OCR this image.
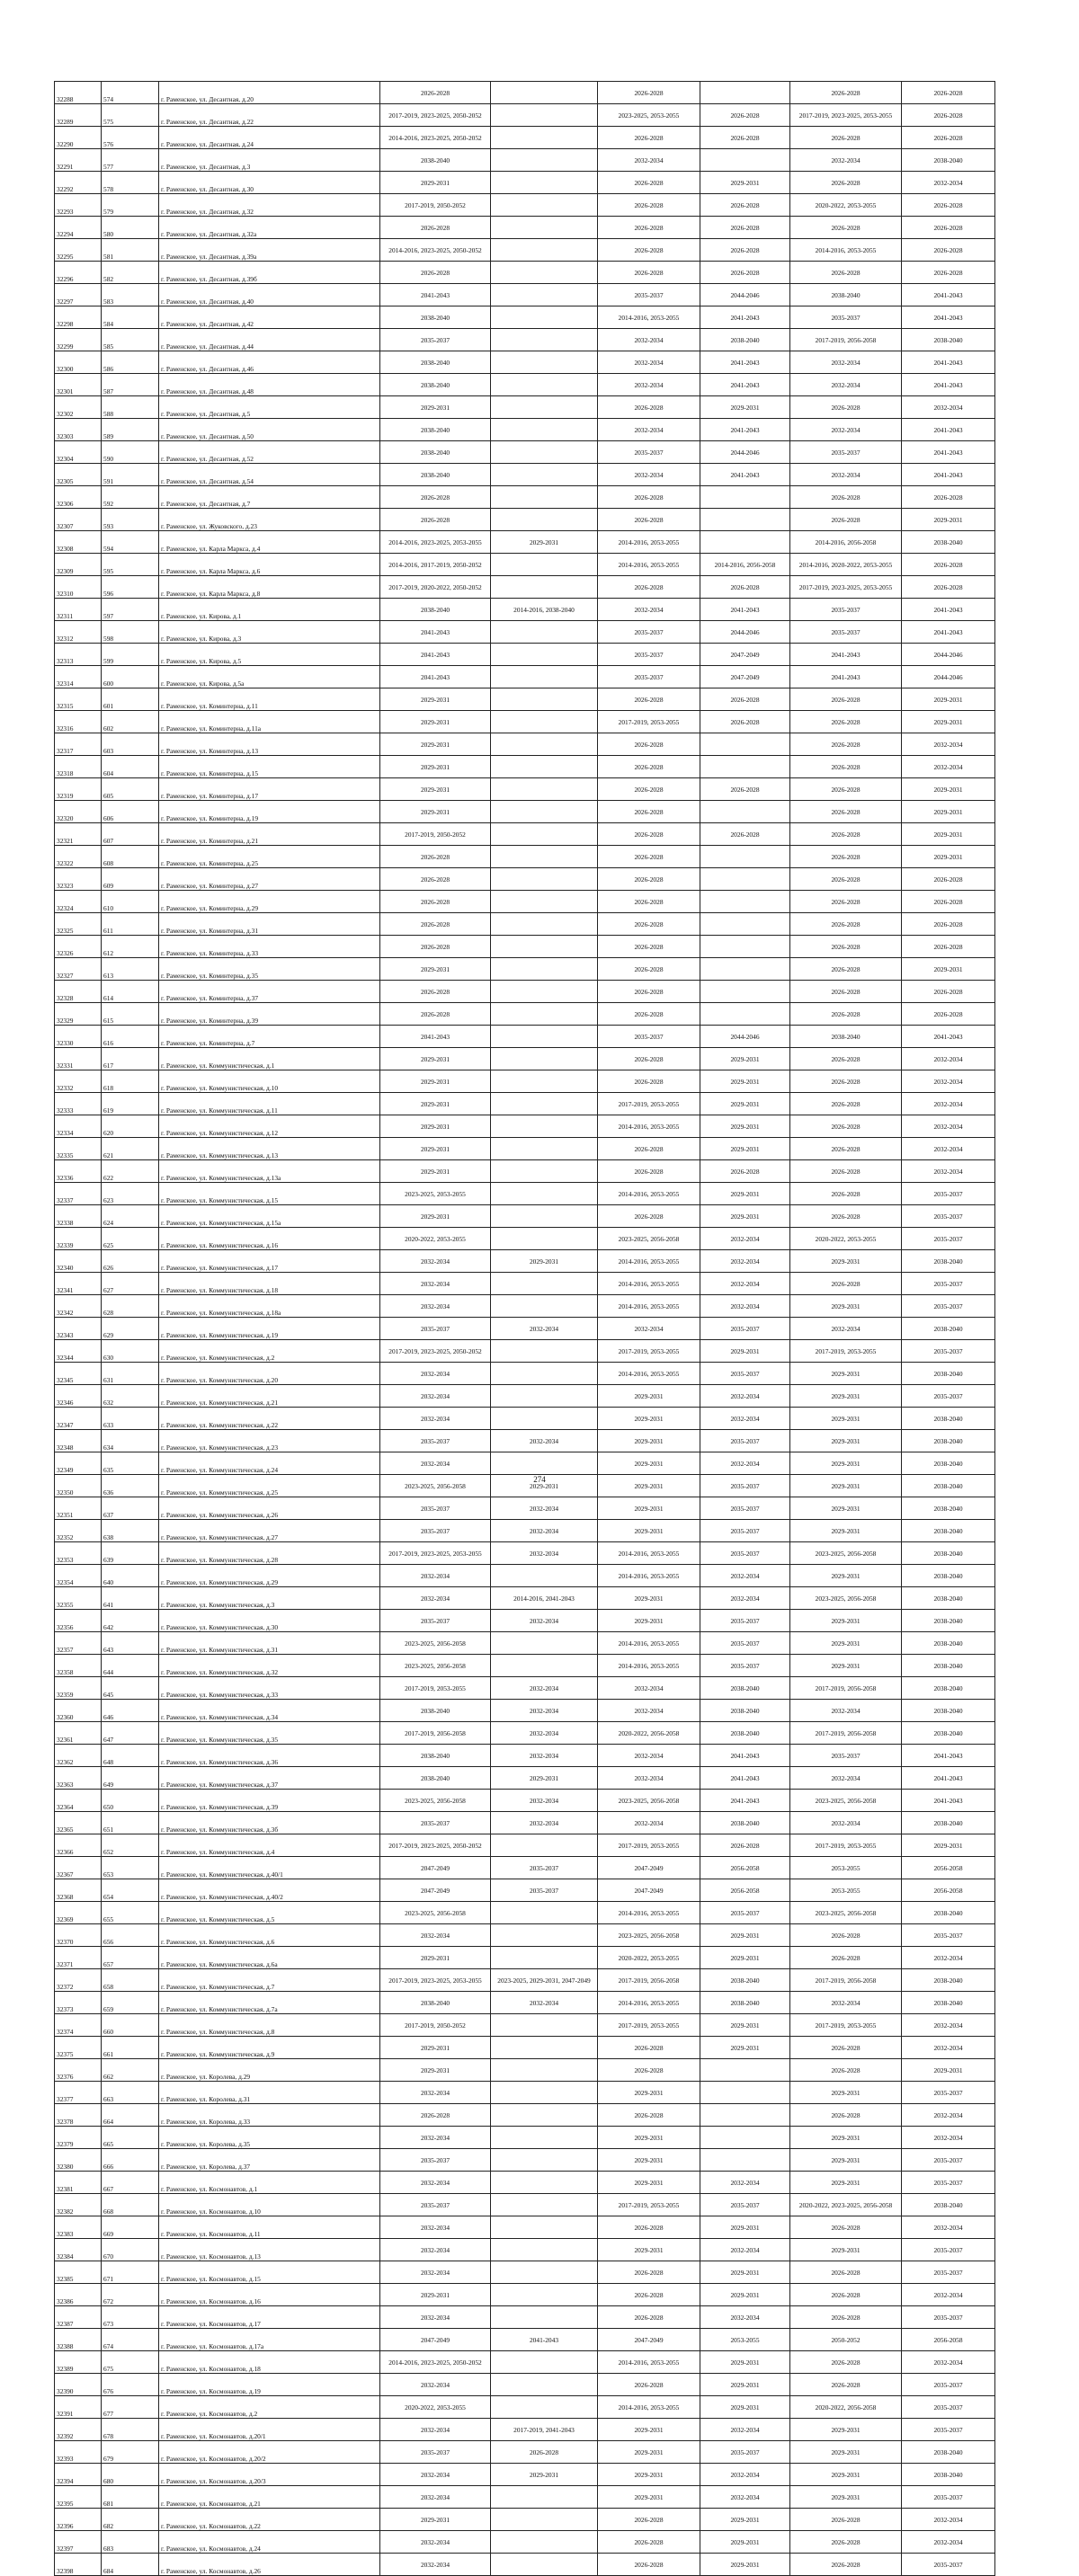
32288	574	г. Раменское, ул. Десантная, д.20	2026-2028		2026-2028		2026-2028	2026-2028
32289	575	г. Раменское, ул. Десантная, д.22	2017-2019, 2023-2025, 2050-2052		2023-2025, 2053-2055	2026-2028	2017-2019, 2023-2025, 2053-2055	2026-2028
32290	576	г. Раменское, ул. Десантная, д.24	2014-2016, 2023-2025, 2050-2052		2026-2028	2026-2028	2026-2028	2026-2028
32291	577	г. Раменское, ул. Десантная, д.3	2038-2040		2032-2034		2032-2034	2038-2040
32292	578	г. Раменское, ул. Десантная, д.30	2029-2031		2026-2028	2029-2031	2026-2028	2032-2034
32293	579	г. Раменское, ул. Десантная, д.32	2017-2019, 2050-2052		2026-2028	2026-2028	2020-2022, 2053-2055	2026-2028
32294	580	г. Раменское, ул. Десантная, д.32а	2026-2028		2026-2028	2026-2028	2026-2028	2026-2028
32295	581	г. Раменское, ул. Десантная, д.39а	2014-2016, 2023-2025, 2050-2052		2026-2028	2026-2028	2014-2016, 2053-2055	2026-2028
32296	582	г. Раменское, ул. Десантная, д.39б	2026-2028		2026-2028	2026-2028	2026-2028	2026-2028
32297	583	г. Раменское, ул. Десантная, д.40	2041-2043		2035-2037	2044-2046	2038-2040	2041-2043
32298	584	г. Раменское, ул. Десантная, д.42	2038-2040		2014-2016, 2053-2055	2041-2043	2035-2037	2041-2043
32299	585	г. Раменское, ул. Десантная, д.44	2035-2037		2032-2034	2038-2040	2017-2019, 2056-2058	2038-2040
32300	586	г. Раменское, ул. Десантная, д.46	2038-2040		2032-2034	2041-2043	2032-2034	2041-2043
32301	587	г. Раменское, ул. Десантная, д.48	2038-2040		2032-2034	2041-2043	2032-2034	2041-2043
32302	588	г. Раменское, ул. Десантная, д.5	2029-2031		2026-2028	2029-2031	2026-2028	2032-2034
32303	589	г. Раменское, ул. Десантная, д.50	2038-2040		2032-2034	2041-2043	2032-2034	2041-2043
32304	590	г. Раменское, ул. Десантная, д.52	2038-2040		2035-2037	2044-2046	2035-2037	2041-2043
32305	591	г. Раменское, ул. Десантная, д.54	2038-2040		2032-2034	2041-2043	2032-2034	2041-2043
32306	592	г. Раменское, ул. Десантная, д.7	2026-2028		2026-2028		2026-2028	2026-2028
32307	593	г. Раменское, ул. Жуковского, д.23	2026-2028		2026-2028		2026-2028	2029-2031
32308	594	г. Раменское, ул. Карла Маркса, д.4	2014-2016, 2023-2025, 2053-2055	2029-2031	2014-2016, 2053-2055		2014-2016, 2056-2058	2038-2040
32309	595	г. Раменское, ул. Карла Маркса, д.6	2014-2016, 2017-2019, 2050-2052		2014-2016, 2053-2055	2014-2016, 2056-2058	2014-2016, 2020-2022, 2053-2055	2026-2028
32310	596	г. Раменское, ул. Карла Маркса, д.8	2017-2019, 2020-2022, 2050-2052		2026-2028	2026-2028	2017-2019, 2023-2025, 2053-2055	2026-2028
32311	597	г. Раменское, ул. Кирова, д.1	2038-2040	2014-2016, 2038-2040	2032-2034	2041-2043	2035-2037	2041-2043
32312	598	г. Раменское, ул. Кирова, д.3	2041-2043		2035-2037	2044-2046	2035-2037	2041-2043
32313	599	г. Раменское, ул. Кирова, д.5	2041-2043		2035-2037	2047-2049	2041-2043	2044-2046
32314	600	г. Раменское, ул. Кирова, д.5а	2041-2043		2035-2037	2047-2049	2041-2043	2044-2046
32315	601	г. Раменское, ул. Коминтерна, д.11	2029-2031		2026-2028	2026-2028	2026-2028	2029-2031
32316	602	г. Раменское, ул. Коминтерна, д.11а	2029-2031		2017-2019, 2053-2055	2026-2028	2026-2028	2029-2031
32317	603	г. Раменское, ул. Коминтерна, д.13	2029-2031		2026-2028		2026-2028	2032-2034
32318	604	г. Раменское, ул. Коминтерна, д.15	2029-2031		2026-2028		2026-2028	2032-2034
32319	605	г. Раменское, ул. Коминтерна, д.17	2029-2031		2026-2028	2026-2028	2026-2028	2029-2031
32320	606	г. Раменское, ул. Коминтерна, д.19	2029-2031		2026-2028		2026-2028	2029-2031
32321	607	г. Раменское, ул. Коминтерна, д.21	2017-2019, 2050-2052		2026-2028	2026-2028	2026-2028	2029-2031
32322	608	г. Раменское, ул. Коминтерна, д.25	2026-2028		2026-2028		2026-2028	2029-2031
32323	609	г. Раменское, ул. Коминтерна, д.27	2026-2028		2026-2028		2026-2028	2026-2028
32324	610	г. Раменское, ул. Коминтерна, д.29	2026-2028		2026-2028		2026-2028	2026-2028
32325	611	г. Раменское, ул. Коминтерна, д.31	2026-2028		2026-2028		2026-2028	2026-2028
32326	612	г. Раменское, ул. Коминтерна, д.33	2026-2028		2026-2028		2026-2028	2026-2028
32327	613	г. Раменское, ул. Коминтерна, д.35	2029-2031		2026-2028		2026-2028	2029-2031
32328	614	г. Раменское, ул. Коминтерна, д.37	2026-2028		2026-2028		2026-2028	2026-2028
32329	615	г. Раменское, ул. Коминтерна, д.39	2026-2028		2026-2028		2026-2028	2026-2028
32330	616	г. Раменское, ул. Коминтерна, д.7	2041-2043		2035-2037	2044-2046	2038-2040	2041-2043
32331	617	г. Раменское, ул. Коммунистическая, д.1	2029-2031		2026-2028	2029-2031	2026-2028	2032-2034
32332	618	г. Раменское, ул. Коммунистическая, д.10	2029-2031		2026-2028	2029-2031	2026-2028	2032-2034
32333	619	г. Раменское, ул. Коммунистическая, д.11	2029-2031		2017-2019, 2053-2055	2029-2031	2026-2028	2032-2034
32334	620	г. Раменское, ул. Коммунистическая, д.12	2029-2031		2014-2016, 2053-2055	2029-2031	2026-2028	2032-2034
32335	621	г. Раменское, ул. Коммунистическая, д.13	2029-2031		2026-2028	2029-2031	2026-2028	2032-2034
32336	622	г. Раменское, ул. Коммунистическая, д.13а	2029-2031		2026-2028	2026-2028	2026-2028	2032-2034
32337	623	г. Раменское, ул. Коммунистическая, д.15	2023-2025, 2053-2055		2014-2016, 2053-2055	2029-2031	2026-2028	2035-2037
32338	624	г. Раменское, ул. Коммунистическая, д.15а	2029-2031		2026-2028	2029-2031	2026-2028	2035-2037
32339	625	г. Раменское, ул. Коммунистическая, д.16	2020-2022, 2053-2055		2023-2025, 2056-2058	2032-2034	2020-2022, 2053-2055	2035-2037
32340	626	г. Раменское, ул. Коммунистическая, д.17	2032-2034	2029-2031	2014-2016, 2053-2055	2032-2034	2029-2031	2038-2040
32341	627	г. Раменское, ул. Коммунистическая, д.18	2032-2034		2014-2016, 2053-2055	2032-2034	2026-2028	2035-2037
32342	628	г. Раменское, ул. Коммунистическая, д.18а	2032-2034		2014-2016, 2053-2055	2032-2034	2029-2031	2035-2037
32343	629	г. Раменское, ул. Коммунистическая, д.19	2035-2037	2032-2034	2032-2034	2035-2037	2032-2034	2038-2040
32344	630	г. Раменское, ул. Коммунистическая, д.2	2017-2019, 2023-2025, 2050-2052		2017-2019, 2053-2055	2029-2031	2017-2019, 2053-2055	2035-2037
32345	631	г. Раменское, ул. Коммунистическая, д.20	2032-2034		2014-2016, 2053-2055	2035-2037	2029-2031	2038-2040
32346	632	г. Раменское, ул. Коммунистическая, д.21	2032-2034		2029-2031	2032-2034	2029-2031	2035-2037
32347	633	г. Раменское, ул. Коммунистическая, д.22	2032-2034		2029-2031	2032-2034	2029-2031	2038-2040
32348	634	г. Раменское, ул. Коммунистическая, д.23	2035-2037	2032-2034	2029-2031	2035-2037	2029-2031	2038-2040
32349	635	г. Раменское, ул. Коммунистическая, д.24	2032-2034		2029-2031	2032-2034	2029-2031	2038-2040
32350	636	г. Раменское, ул. Коммунистическая, д.25	2023-2025, 2056-2058	2029-2031	2029-2031	2035-2037	2029-2031	2038-2040
32351	637	г. Раменское, ул. Коммунистическая, д.26	2035-2037	2032-2034	2029-2031	2035-2037	2029-2031	2038-2040
32352	638	г. Раменское, ул. Коммунистическая, д.27	2035-2037	2032-2034	2029-2031	2035-2037	2029-2031	2038-2040
32353	639	г. Раменское, ул. Коммунистическая, д.28	2017-2019, 2023-2025, 2053-2055	2032-2034	2014-2016, 2053-2055	2035-2037	2023-2025, 2056-2058	2038-2040
32354	640	г. Раменское, ул. Коммунистическая, д.29	2032-2034		2014-2016, 2053-2055	2032-2034	2029-2031	2038-2040
32355	641	г. Раменское, ул. Коммунистическая, д.3	2032-2034	2014-2016, 2041-2043	2029-2031	2032-2034	2023-2025, 2056-2058	2038-2040
32356	642	г. Раменское, ул. Коммунистическая, д.30	2035-2037	2032-2034	2029-2031	2035-2037	2029-2031	2038-2040
32357	643	г. Раменское, ул. Коммунистическая, д.31	2023-2025, 2056-2058		2014-2016, 2053-2055	2035-2037	2029-2031	2038-2040
32358	644	г. Раменское, ул. Коммунистическая, д.32	2023-2025, 2056-2058		2014-2016, 2053-2055	2035-2037	2029-2031	2038-2040
32359	645	г. Раменское, ул. Коммунистическая, д.33	2017-2019, 2053-2055	2032-2034	2032-2034	2038-2040	2017-2019, 2056-2058	2038-2040
32360	646	г. Раменское, ул. Коммунистическая, д.34	2038-2040	2032-2034	2032-2034	2038-2040	2032-2034	2038-2040
32361	647	г. Раменское, ул. Коммунистическая, д.35	2017-2019, 2056-2058	2032-2034	2020-2022, 2056-2058	2038-2040	2017-2019, 2056-2058	2038-2040
32362	648	г. Раменское, ул. Коммунистическая, д.36	2038-2040	2032-2034	2032-2034	2041-2043	2035-2037	2041-2043
32363	649	г. Раменское, ул. Коммунистическая, д.37	2038-2040	2029-2031	2032-2034	2041-2043	2032-2034	2041-2043
32364	650	г. Раменское, ул. Коммунистическая, д.39	2023-2025, 2056-2058	2032-2034	2023-2025, 2056-2058	2041-2043	2023-2025, 2056-2058	2041-2043
32365	651	г. Раменское, ул. Коммунистическая, д.3б	2035-2037	2032-2034	2032-2034	2038-2040	2032-2034	2038-2040
32366	652	г. Раменское, ул. Коммунистическая, д.4	2017-2019, 2023-2025, 2050-2052		2017-2019, 2053-2055	2026-2028	2017-2019, 2053-2055	2029-2031
32367	653	г. Раменское, ул. Коммунистическая, д.40/1	2047-2049	2035-2037	2047-2049	2056-2058	2053-2055	2056-2058
32368	654	г. Раменское, ул. Коммунистическая, д.40/2	2047-2049	2035-2037	2047-2049	2056-2058	2053-2055	2056-2058
32369	655	г. Раменское, ул. Коммунистическая, д.5	2023-2025, 2056-2058		2014-2016, 2053-2055	2035-2037	2023-2025, 2056-2058	2038-2040
32370	656	г. Раменское, ул. Коммунистическая, д.6	2032-2034		2023-2025, 2056-2058	2029-2031	2026-2028	2035-2037
32371	657	г. Раменское, ул. Коммунистическая, д.6а	2029-2031		2020-2022, 2053-2055	2029-2031	2026-2028	2032-2034
32372	658	г. Раменское, ул. Коммунистическая, д.7	2017-2019, 2023-2025, 2053-2055	2023-2025, 2029-2031, 2047-2049	2017-2019, 2056-2058	2038-2040	2017-2019, 2056-2058	2038-2040
32373	659	г. Раменское, ул. Коммунистическая, д.7а	2038-2040	2032-2034	2014-2016, 2053-2055	2038-2040	2032-2034	2038-2040
32374	660	г. Раменское, ул. Коммунистическая, д.8	2017-2019, 2050-2052		2017-2019, 2053-2055	2029-2031	2017-2019, 2053-2055	2032-2034
32375	661	г. Раменское, ул. Коммунистическая, д.9	2029-2031		2026-2028	2029-2031	2026-2028	2032-2034
32376	662	г. Раменское, ул. Королева, д.29	2029-2031		2026-2028		2026-2028	2029-2031
32377	663	г. Раменское, ул. Королева, д.31	2032-2034		2029-2031		2029-2031	2035-2037
32378	664	г. Раменское, ул. Королева, д.33	2026-2028		2026-2028		2026-2028	2032-2034
32379	665	г. Раменское, ул. Королева, д.35	2032-2034		2029-2031		2029-2031	2032-2034
32380	666	г. Раменское, ул. Королева, д.37	2035-2037		2029-2031		2029-2031	2035-2037
32381	667	г. Раменское, ул. Космонавтов, д.1	2032-2034		2029-2031	2032-2034	2029-2031	2035-2037
32382	668	г. Раменское, ул. Космонавтов, д.10	2035-2037		2017-2019, 2053-2055	2035-2037	2020-2022, 2023-2025, 2056-2058	2038-2040
32383	669	г. Раменское, ул. Космонавтов, д.11	2032-2034		2026-2028	2029-2031	2026-2028	2032-2034
32384	670	г. Раменское, ул. Космонавтов, д.13	2032-2034		2029-2031	2032-2034	2029-2031	2035-2037
32385	671	г. Раменское, ул. Космонавтов, д.15	2032-2034		2026-2028	2029-2031	2026-2028	2035-2037
32386	672	г. Раменское, ул. Космонавтов, д.16	2029-2031		2026-2028	2029-2031	2026-2028	2032-2034
32387	673	г. Раменское, ул. Космонавтов, д.17	2032-2034		2026-2028	2032-2034	2026-2028	2035-2037
32388	674	г. Раменское, ул. Космонавтов, д.17а	2047-2049	2041-2043	2047-2049	2053-2055	2050-2052	2056-2058
32389	675	г. Раменское, ул. Космонавтов, д.18	2014-2016, 2023-2025, 2050-2052		2014-2016, 2053-2055	2029-2031	2026-2028	2032-2034
32390	676	г. Раменское, ул. Космонавтов, д.19	2032-2034		2026-2028	2029-2031	2026-2028	2035-2037
32391	677	г. Раменское, ул. Космонавтов, д.2	2020-2022, 2053-2055		2014-2016, 2053-2055	2029-2031	2020-2022, 2056-2058	2035-2037
32392	678	г. Раменское, ул. Космонавтов, д.20/1	2032-2034	2017-2019, 2041-2043	2029-2031	2032-2034	2029-2031	2035-2037
32393	679	г. Раменское, ул. Космонавтов, д.20/2	2035-2037	2026-2028	2029-2031	2035-2037	2029-2031	2038-2040
32394	680	г. Раменское, ул. Космонавтов, д.20/3	2032-2034	2029-2031	2029-2031	2032-2034	2029-2031	2038-2040
32395	681	г. Раменское, ул. Космонавтов, д.21	2032-2034		2029-2031	2032-2034	2029-2031	2035-2037
32396	682	г. Раменское, ул. Космонавтов, д.22	2029-2031		2026-2028	2029-2031	2026-2028	2032-2034
32397	683	г. Раменское, ул. Космонавтов, д.24	2032-2034		2026-2028	2029-2031	2026-2028	2032-2034
32398	684	г. Раменское, ул. Космонавтов, д.26	2032-2034		2026-2028	2029-2031	2026-2028	2035-2037
274
